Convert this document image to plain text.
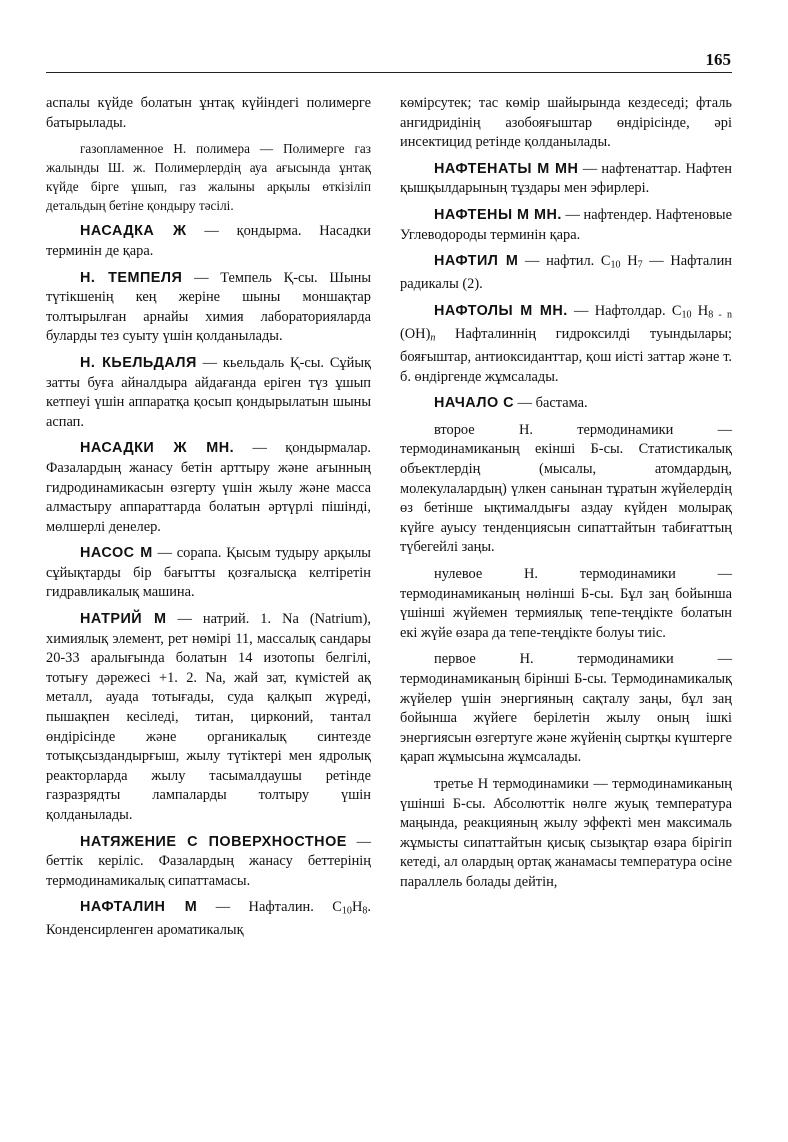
165

аспалы күйде болатын ұнтақ күйіндегі полимерге батырылады.

газопламенное Н. полимера — Полимерге газ жалынды Ш. ж. Полимерлердің ауа ағысында ұнтақ күйде бірге ұшып, газ жалыны арқылы өткізіліп детальдың бетіне қондыру тәсілі.

НАСАДКА Ж — қондырма. Насадки терминін де қара.

Н. ТЕМПЕЛЯ — Темпель Қ-сы. Шыны түтікшенің кең жеріне шыны моншақтар толтырылған арнайы химия лабораторияларда буларды тез суыту үшін қолданылады.

Н. КЬЕЛЬДАЛЯ — кьельдаль Қ-сы. Сұйық затты буға айналдыра айдағанда еріген түз ұшып кетпеуі үшін аппаратқа қосып қондырылатын шыны аспап.

НАСАДКИ Ж МН. — қондырмалар. Фазалардың жанасу бетін арттыру және ағынның гидродинамикасын өзгерту үшін жылу және масса алмастыру аппараттарда болатын әртүрлі пішінді, мөлшерлі денелер.

НАСОС М — сорапа. Қысым тудыру арқылы сұйықтарды бір бағытты қозғалысқа келтіретін гидравликалық машина.

НАТРИЙ М — натрий. 1. Na (Natrium), химиялық элемент, рет нөмірі 11, массалық сандары 20-33 аралығында болатын 14 изотопы белгілі, тотығу дәрежесі +1. 2. Na, жай зат, күмістей ақ металл, ауада тотығады, суда қалқып жүреді, пышақпен кесіледі, титан, цирконий, тантал өндірісінде және органикалық синтезде тотықсыздандырғыш, жылу түтіктері мен ядролық реакторларда жылу тасымалдаушы ретінде газразрядты лампаларды толтыру үшін қолданылады.

НАТЯЖЕНИЕ С ПОВЕРХНОСТНОЕ — беттік керіліс. Фазалардың жанасу беттерінің термодинамикалық сипаттамасы.

НАФТАЛИН М — Нафталин. $C_{10}H_8$. Конденсирленген ароматикалық

көмірсутек; тас көмір шайырында кездеседі; фталь ангидридінің азобояғыштар өндірісінде, әрі инсектицид ретінде қолданылады.

НАФТЕНАТЫ М МН — нафтенаттар. Нафтен қышқылдарының тұздары мен эфирлері.

НАФТЕНЫ М МН. — нафтендер. Нафтеновые Углеводороды терминін қара.

НАФТИЛ М — нафтил. $C_{10}$ $H_7$ — Нафталин радикалы (2).

НАФТОЛЫ М МН. — Нафтолдар. $C_{10}$ $H_{8 - n}$ (OH)n Нафталиннің гидроксилді туындылары; бояғыштар, антиоксиданттар, қош иісті заттар және т. б. өндіргенде жұмсалады.

НАЧАЛО С — бастама.

второе Н. термодинамики — термодинамиканың екінші Б-сы. Статистикалық объектлердің (мысалы, атомдардың, молекулалардың) үлкен санынан тұратын жүйелердің өз бетінше ықтималдығы аздау күйден молырақ күйге ауысу тенденциясын сипаттайтын табиғаттың түбегейлі заңы.

нулевое Н. термодинамики — термодинамиканың нөлінші Б-сы. Бұл заң бойынша үшінші жүйемен термиялық тепе-теңдікте болатын екі жүйе өзара да тепе-теңдікте болуы тиіс.

первое Н. термодинамики — термодинамиканың бірінші Б-сы. Термодинамикалық жүйелер үшін энергияның сақталу заңы, бұл заң бойынша жүйеге берілетін жылу оның ішкі энергиясын өзгертуге және жүйенің сыртқы күштерге қарап жұмысына жұмсалады.

третье Н термодинамики — термодинамиканың үшінші Б-сы. Абсолюттік нөлге жуық температура маңында, реакцияның жылу эффекті мен максималь жұмысты сипаттайтын қисық сызықтар өзара бірігіп кетеді, ал олардың ортақ жанамасы температура осіне параллель болады дейтін,
